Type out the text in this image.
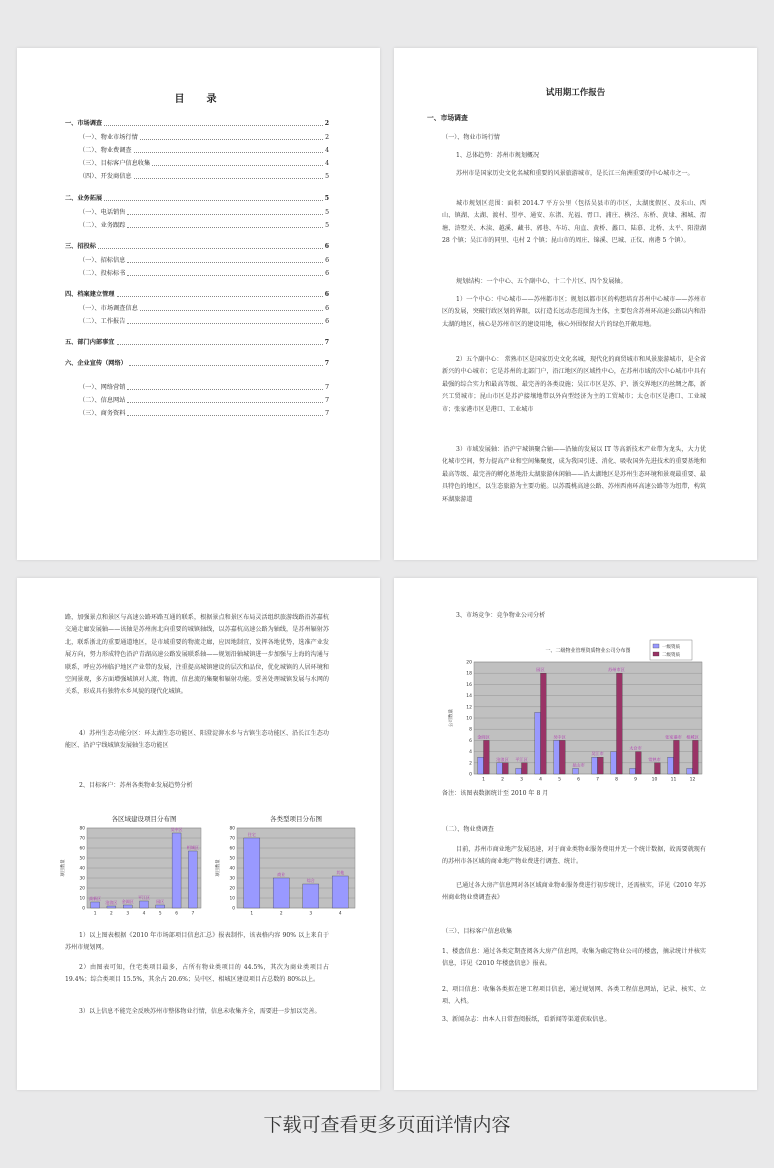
目　录
一、市场调查	2
（一）、物业市场行情	2
（二）、物业费调查	4
（三）、目标客户信息收集	4
（四）、开发商信息	5
二、业务拓展	5
（一）、电话销售	5
（二）、业务跟踪	5
三、招投标	6
（一）、招标信息	6
（二）、投标标书	6
四、档案建立管理	6
（一）、市场调查信息	6
（二）、工作报告	6
五、部门内部事宜	7
六、企业宣传（网络）	7
（一）、网络营销	7
（二）、信息网站	7
（三）、商务资料	7
试用期工作报告
一、市场调查
（一）、物业市场行情
1、总体趋势：苏州市规划概况
苏州市是国家历史文化名城和重要的风景旅游城市，是长江三角洲重要的中心城市之一。
城市规划区范围：面积 2014.7 平方公里（包括吴县市的市区，太湖度假区、及东山、西山、镇湖、太湖、渡村、望亭、通安、东渚、光福、胥口、浦庄、横泾、东桥、黄埭、湘城、渭塘、浒墅关、木渎、越溪、藏书、郭巷、车坊、甪直、黄桥、蠡口、陆慕、北桥、太平、阳澄湖 28 个镇；吴江市的同里、屯村 2 个镇；昆山市的周庄、锦溪、巴城、正仪、南港 5 个镇）。
规划结构：一个中心、五个副中心、十二个片区、四个发展轴。
1）一个中心：中心城市——苏州都市区；规划以都市区的构想培育苏州中心城市——苏州市区的发展，突破行政区划的界限，以打造长远动态范围为主体，主要包含苏州环高速公路以内和沿太湖的地区，核心是苏州市区的建设用地，核心外围保留大片的绿色开敞用地。
2）五个副中心： 常熟市区是国家历史文化名城，现代化的商贸城市和风景旅游城市，是全省新兴的中心城市；它是苏州的北部门户，沿江地区的区域性中心，在苏州市域的次中心城市中具有最强的综合实力和最高等级、最完善的各类设施；吴江市区是苏、沪、浙交界地区的丝绸之都，新兴工贸城市；昆山市区是苏沪接壤地带以外向型经济为主的工贸城市；太仓市区是港口、工业城市；张家港市区是港口、工业城市
3）市域发展轴：沿沪宁城镇聚合轴——沿轴的发展以 IT 等高新技术产业带为龙头，大力优化城市空间，努力提高产业和空间集聚度，成为我国引进、消化、吸收国外先进技术的重要基地和最高等级、最完善的孵化基地沿太湖旅游休闲轴——沿太湖地区是苏州生态环境和景观最重要、最具特色的地区，以生态旅游为主要功能。以苏震桃高速公路、苏州西南环高速公路等为纽带，构筑环湖旅游道
路，加强景点和景区与高速公路环路互通的联系，根据景点和景区布局灵活组织旅游线路沿苏嘉杭交通走廊发展轴——该轴是苏州南北向重要的城镇轴线，以苏嘉杭高速公路为轴线，是苏州辐射苏北，联系浙北的重要通道地区，是市域重要的物流走廊，应因地制宜，发挥各地优势，选准产业发展方向，努力形成特色沿沪青湖高速公路发展联系轴——规划沿轴城镇进一步加强与上海的沟通与联系，呼应苏州临沪地区产业带的发展，注重提高城镇建设的层次和品位，优化城镇的人居环境和空间景观，多方面增强城镇对人流、物流、信息流的集聚和辐射功能。妥善处理城镇发展与水网的关系，形成具有独特水乡风貌的现代化城镇。
4）苏州生态功能分区：环太湖生态功能区、阳澄淀泖水乡与古镇生态功能区、沿长江生态功能区、沿沪宁线城镇发展轴生态功能区
2、目标客户：苏州各类物业发展趋势分析
各区域建设项目分布图
0
10
20
30
40
50
60
70
80
项目数量
1
高新区
2
沧浪区
3
金阊区
4
平江区
5
园区
6
吴中区
7
相城区
各类型项目分布图
0
10
20
30
40
50
60
70
80
项目数量
1
住宅
2
商业
3
综合
4
其他
1）以上图表根据《2010 年市场部项目信息汇总》报表制作，该表格内容 90% 以上来自于苏州市规划网。
2）由图表可知，住宅类项目最多，占所有物业类项目的 44.5%，其次为商业类项目占 19.4%；综合类项目 15.5%，其余占 20.6%；吴中区、相城区建设项目占总数的 80%以上。
3）以上信息不能完全反映苏州市整体物业行情，信息未收集齐全，需要进一步加以完善。
3、市场竞争：竞争物业公司分析
一、二级物业管理资质物业公司分布图
0
2
4
6
8
10
12
14
16
18
20
公司数量
1
金阊区
2
沧浪区
3
平江区
4
园区
5
吴中区
6
昆山市
7
吴江市
8
苏州市区
9
太仓市
10
常熟市
11
张家港市
12
相城区
一级资质
二级资质
备注：该图表数据统计至 2010 年 8 月
（二）、物业费调查
目前，苏州市商业地产发展迅速，对于商业类物业服务费用并无一个统计数据，故需要就现有的苏州市各区域的商业地产物业费进行调查、统计。
已通过各大房产信息网对各区域商业物业服务费进行初步统计，还需核实，详见《2010 年苏州商业物业费调查表》
（三）、目标客户信息收集
1、楼盘信息：通过各类定期查阅各大房产信息网，收集为确定物业公司的楼盘，摘录统计并核实信息，详见《2010 年楼盘信息》报表。
2、项目信息：收集各类拟在建工程项目信息，通过规划网、各类工程信息网站，记录、核实、立项、入档。
3、新闻杂志：由本人日常查阅报纸，看新闻等渠道获取信息。
下载可查看更多页面详情内容
